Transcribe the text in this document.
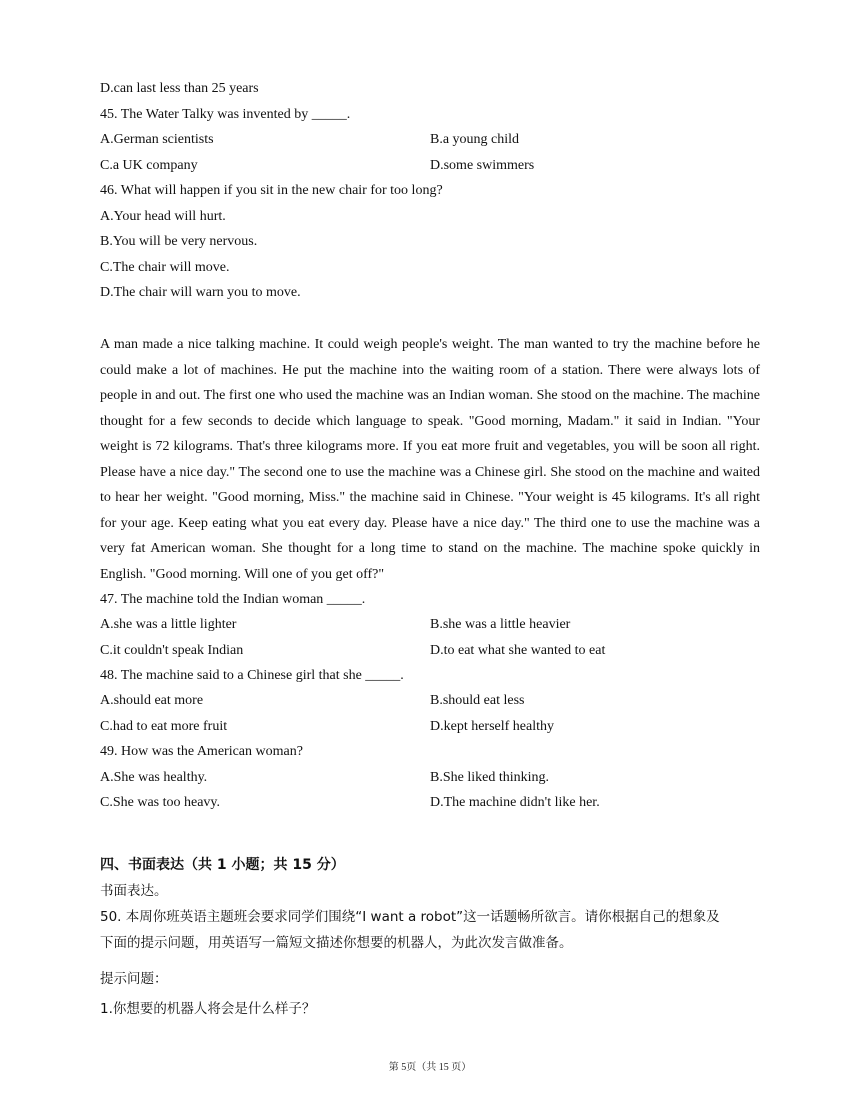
D.can last less than 25 years
45. The Water Talky was invented by _____.
A.German scientists	B.a young child
C.a UK company	D.some swimmers
46. What will happen if you sit in the new chair for too long?
A.Your head will hurt.
B.You will be very nervous.
C.The chair will move.
D.The chair will warn you to move.
A man made a nice talking machine. It could weigh people's weight. The man wanted to try the machine before he could make a lot of machines. He put the machine into the waiting room of a station. There were always lots of people in and out. The first one who used the machine was an Indian woman. She stood on the machine. The machine thought for a few seconds to decide which language to speak. "Good morning, Madam." it said in Indian. "Your weight is 72 kilograms. That's three kilograms more. If you eat more fruit and vegetables, you will be soon all right. Please have a nice day." The second one to use the machine was a Chinese girl. She stood on the machine and waited to hear her weight. "Good morning, Miss." the machine said in Chinese. "Your weight is 45 kilograms. It's all right for your age. Keep eating what you eat every day. Please have a nice day." The third one to use the machine was a very fat American woman. She thought for a long time to stand on the machine. The machine spoke quickly in English. "Good morning. Will one of you get off?"
47. The machine told the Indian woman _____.
A.she was a little lighter	B.she was a little heavier
C.it couldn't speak Indian	D.to eat what she wanted to eat
48. The machine said to a Chinese girl that she _____.
A.should eat more	B.should eat less
C.had to eat more fruit	D.kept herself healthy
49. How was the American woman?
A.She was healthy.	B.She liked thinking.
C.She was too heavy.	D.The machine didn't like her.
四、书面表达（共 1 小题；共 15 分）
书面表达。
50. 本周你班英语主题班会要求同学们围绕“I want a robot”这一话题畅所欲言。请你根据自己的想象及
下面的提示问题，用英语写一篇短文描述你想要的机器人，为此次发言做准备。
提示问题：
1.你想要的机器人将会是什么样子？
第 5页（共 15 页）
